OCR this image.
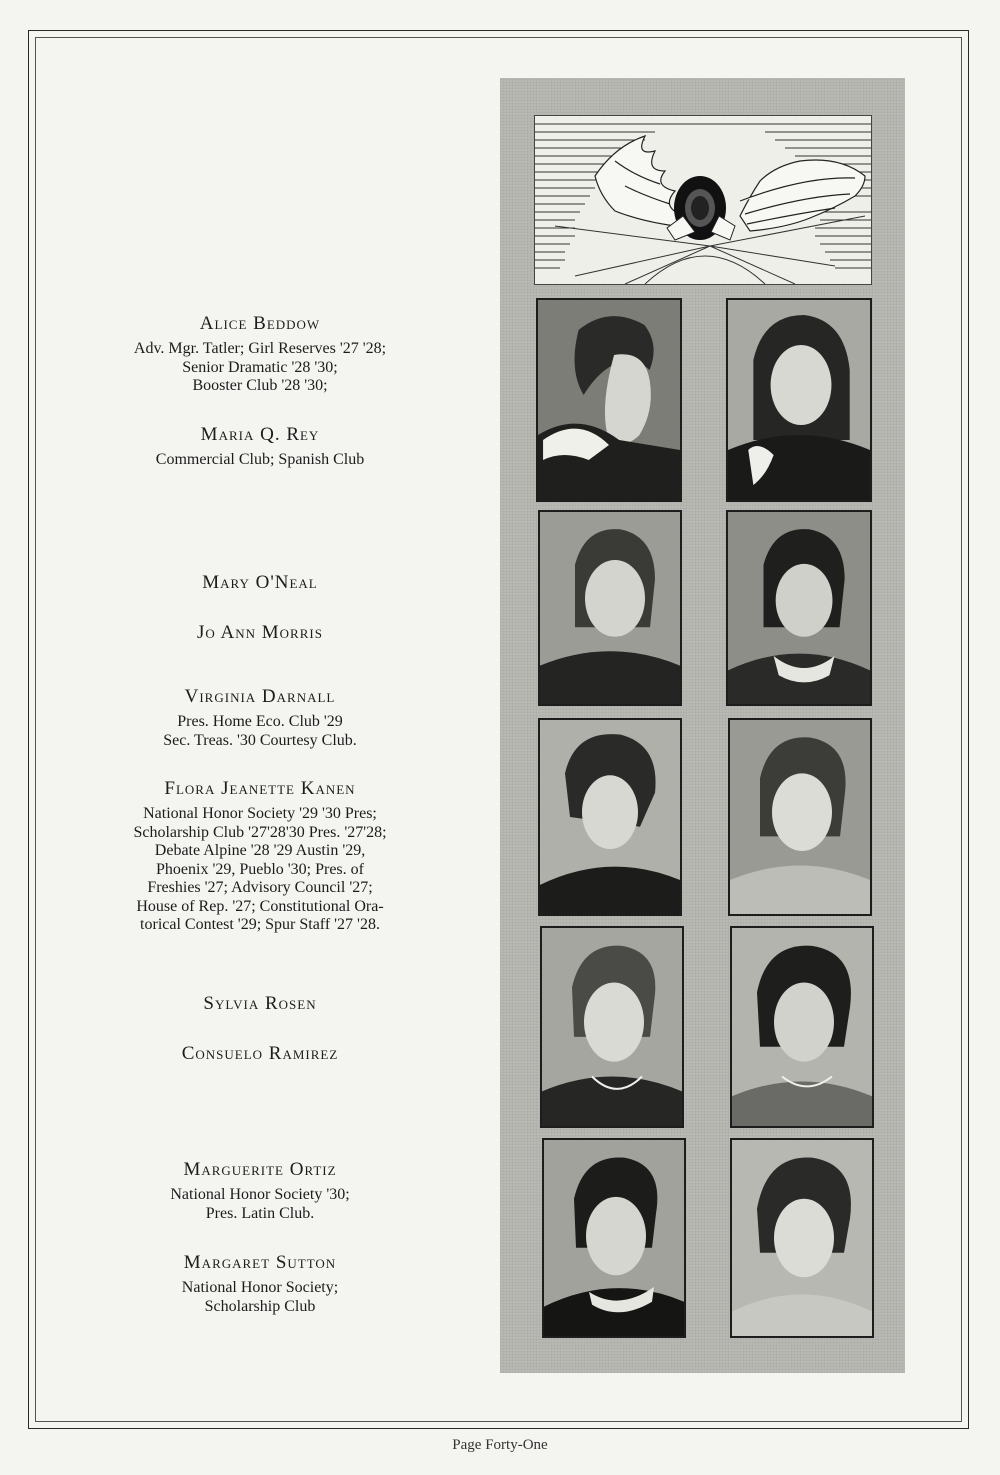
Alice Beddow
Adv. Mgr. Tatler; Girl Reserves '27 '28;
Senior Dramatic '28 '30;
Booster Club '28 '30;
Maria Q. Rey
Commercial Club; Spanish Club
Mary O'Neal
Jo Ann Morris
Virginia Darnall
Pres. Home Eco. Club '29
Sec. Treas. '30 Courtesy Club.
Flora Jeanette Kanen
National Honor Society '29 '30 Pres;
Scholarship Club '27'28'30 Pres. '27'28;
Debate Alpine '28 '29 Austin '29,
Phoenix '29, Pueblo '30; Pres. of
Freshies '27; Advisory Council '27;
House of Rep. '27; Constitutional Ora-
torical Contest '29; Spur Staff '27 '28.
Sylvia Rosen
Consuelo Ramirez
Marguerite Ortiz
National Honor Society '30;
Pres. Latin Club.
Margaret Sutton
National Honor Society;
Scholarship Club
Page Forty-One
